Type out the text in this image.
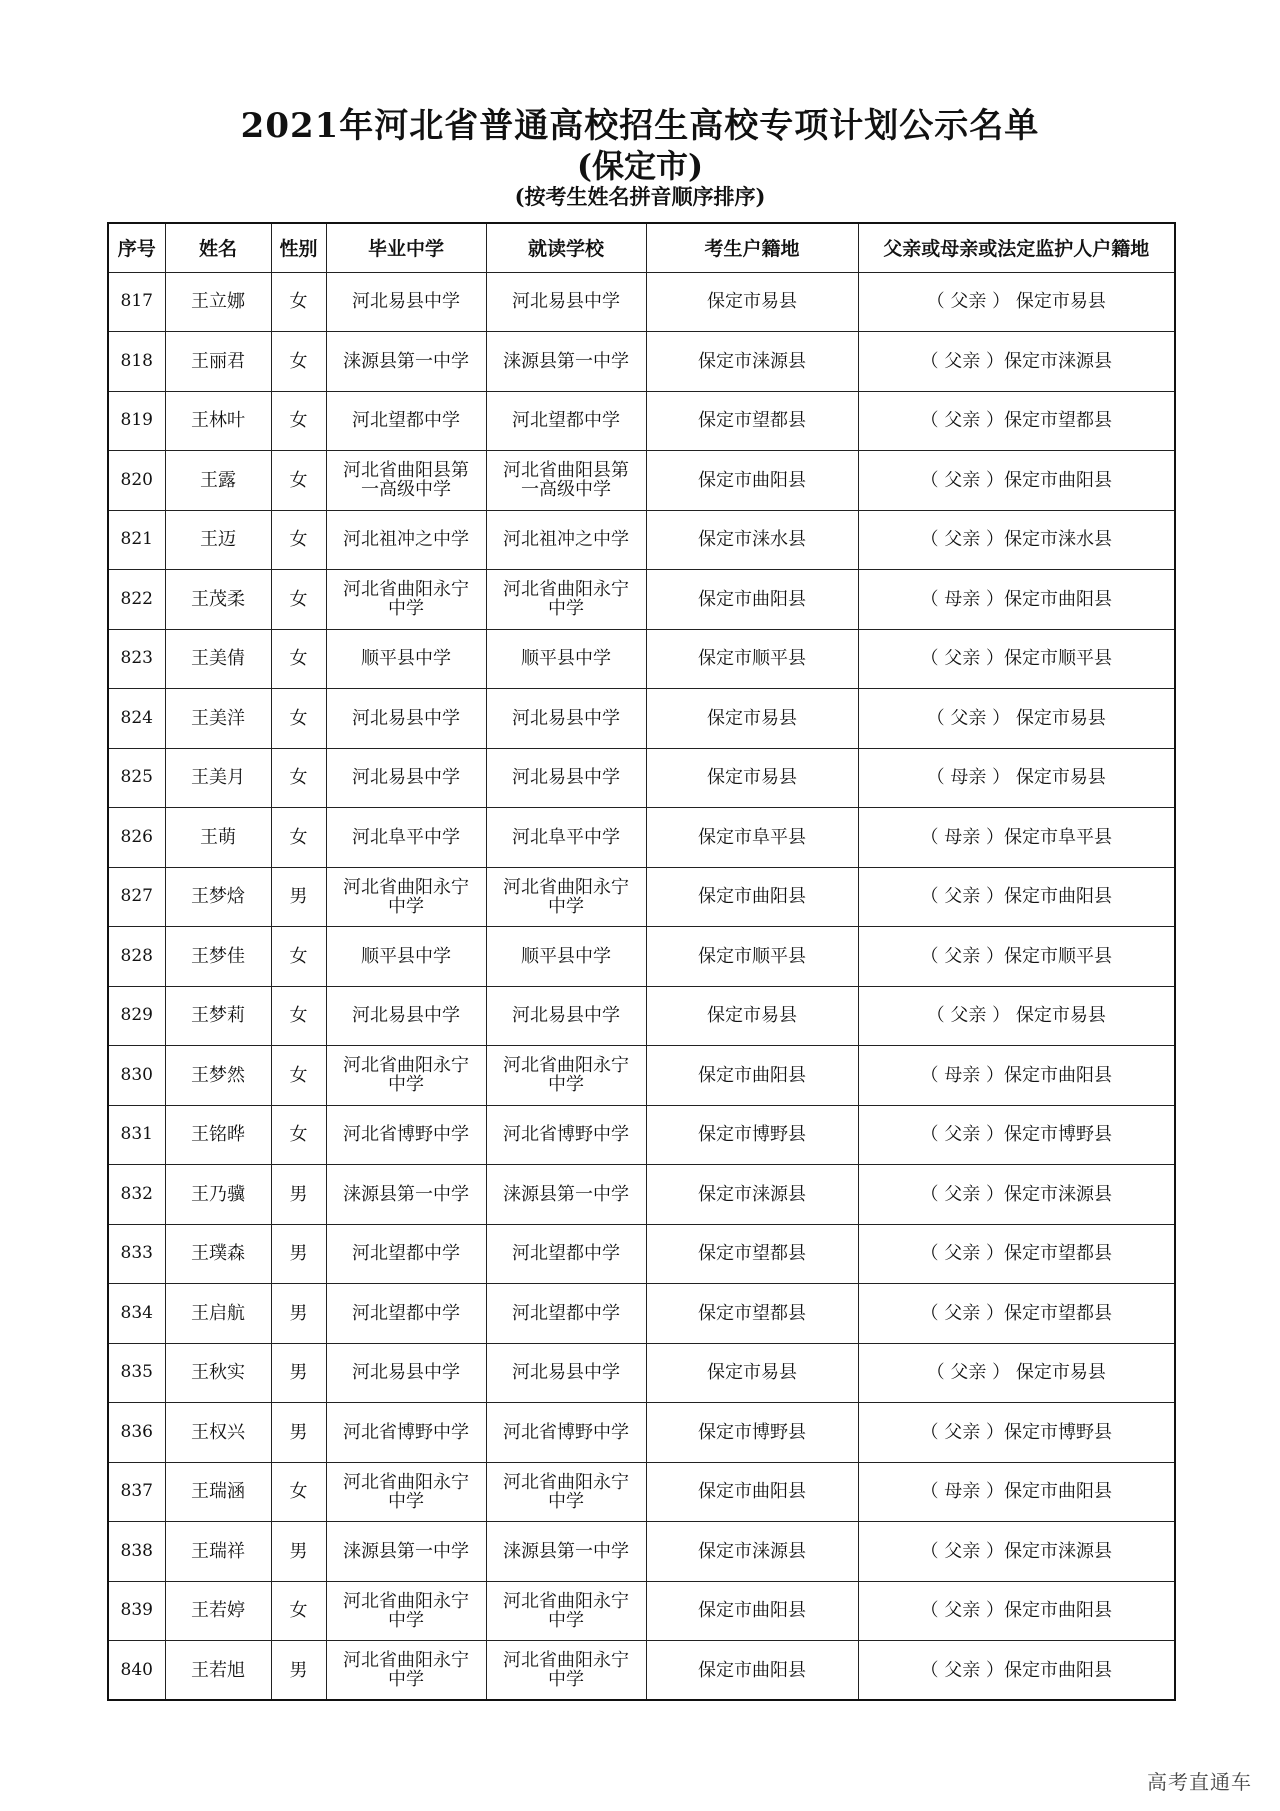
2021年河北省普通高校招生高校专项计划公示名单
(保定市)
(按考生姓名拼音顺序排序)
序号	姓名	性别	毕业中学	就读学校	考生户籍地	父亲或母亲或法定监护人户籍地
817	王立娜	女	河北易县中学	河北易县中学	保定市易县	（ 父亲 ） 保定市易县
818	王丽君	女	涞源县第一中学	涞源县第一中学	保定市涞源县	（ 父亲 ）保定市涞源县
819	王林叶	女	河北望都中学	河北望都中学	保定市望都县	（ 父亲 ）保定市望都县
820	王露	女	河北省曲阳县第一高级中学	河北省曲阳县第一高级中学	保定市曲阳县	（ 父亲 ）保定市曲阳县
821	王迈	女	河北祖冲之中学	河北祖冲之中学	保定市涞水县	（ 父亲 ）保定市涞水县
822	王茂柔	女	河北省曲阳永宁中学	河北省曲阳永宁中学	保定市曲阳县	（ 母亲 ）保定市曲阳县
823	王美倩	女	顺平县中学	顺平县中学	保定市顺平县	（ 父亲 ）保定市顺平县
824	王美洋	女	河北易县中学	河北易县中学	保定市易县	（ 父亲 ） 保定市易县
825	王美月	女	河北易县中学	河北易县中学	保定市易县	（ 母亲 ） 保定市易县
826	王萌	女	河北阜平中学	河北阜平中学	保定市阜平县	（ 母亲 ）保定市阜平县
827	王梦焓	男	河北省曲阳永宁中学	河北省曲阳永宁中学	保定市曲阳县	（ 父亲 ）保定市曲阳县
828	王梦佳	女	顺平县中学	顺平县中学	保定市顺平县	（ 父亲 ）保定市顺平县
829	王梦莉	女	河北易县中学	河北易县中学	保定市易县	（ 父亲 ） 保定市易县
830	王梦然	女	河北省曲阳永宁中学	河北省曲阳永宁中学	保定市曲阳县	（ 母亲 ）保定市曲阳县
831	王铭晔	女	河北省博野中学	河北省博野中学	保定市博野县	（ 父亲 ）保定市博野县
832	王乃骥	男	涞源县第一中学	涞源县第一中学	保定市涞源县	（ 父亲 ）保定市涞源县
833	王璞森	男	河北望都中学	河北望都中学	保定市望都县	（ 父亲 ）保定市望都县
834	王启航	男	河北望都中学	河北望都中学	保定市望都县	（ 父亲 ）保定市望都县
835	王秋实	男	河北易县中学	河北易县中学	保定市易县	（ 父亲 ） 保定市易县
836	王权兴	男	河北省博野中学	河北省博野中学	保定市博野县	（ 父亲 ）保定市博野县
837	王瑞涵	女	河北省曲阳永宁中学	河北省曲阳永宁中学	保定市曲阳县	（ 母亲 ）保定市曲阳县
838	王瑞祥	男	涞源县第一中学	涞源县第一中学	保定市涞源县	（ 父亲 ）保定市涞源县
839	王若婷	女	河北省曲阳永宁中学	河北省曲阳永宁中学	保定市曲阳县	（ 父亲 ）保定市曲阳县
840	王若旭	男	河北省曲阳永宁中学	河北省曲阳永宁中学	保定市曲阳县	（ 父亲 ）保定市曲阳县
高考直通车
